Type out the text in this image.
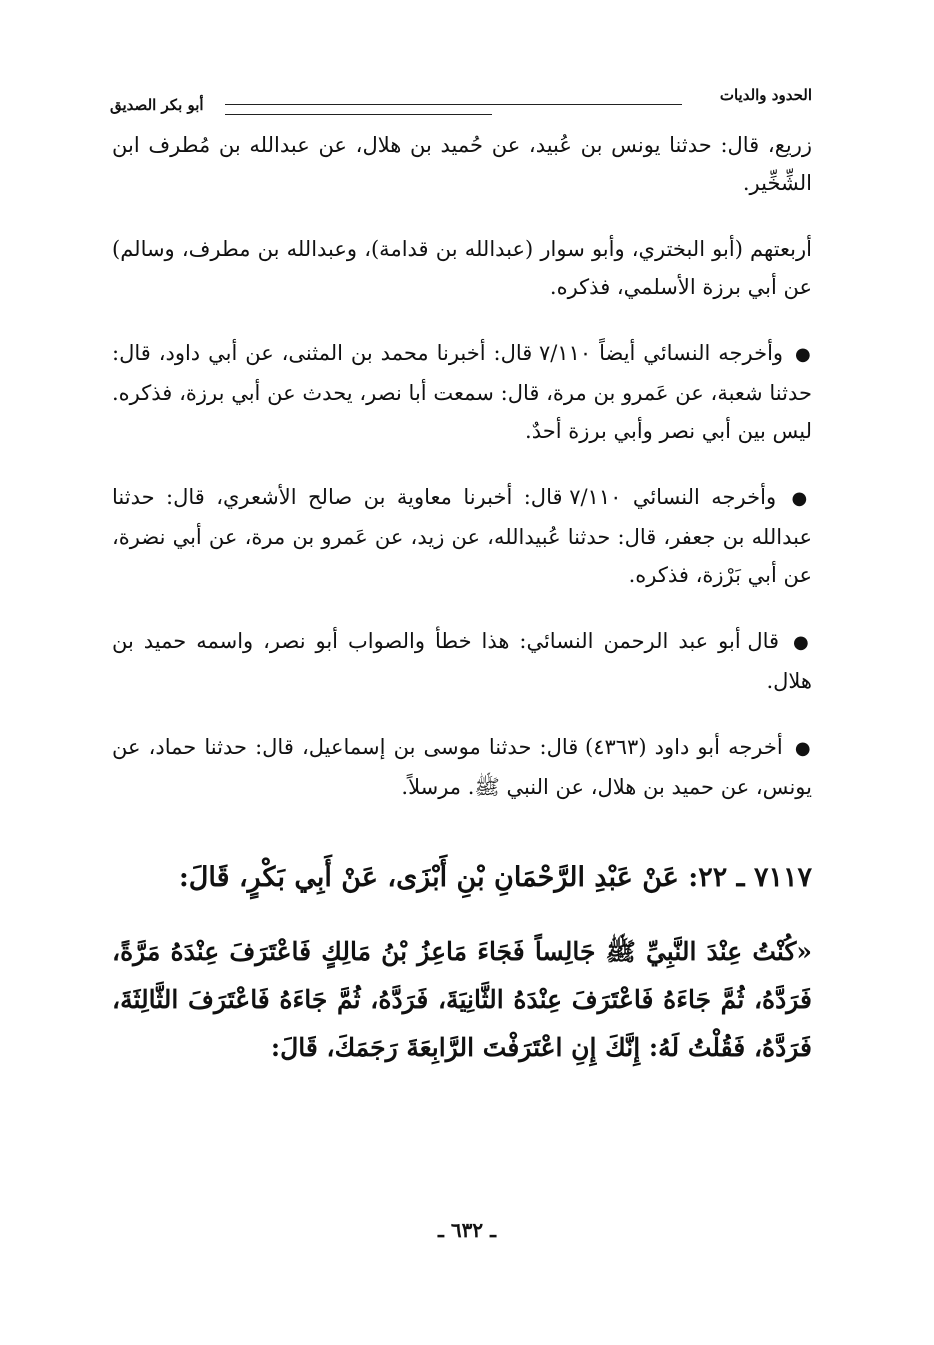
الحدود والديات
أبو بكر الصديق

زريع، قال: حدثنا يونس بن عُبيد، عن حُميد بن هلال، عن عبدالله بن مُطرف ابن الشِّخِّير.

أربعتهم (أبو البختري، وأبو سوار (عبدالله بن قدامة)، وعبدالله بن مطرف، وسالم) عن أبي برزة الأسلمي، فذكره.

● وأخرجه النسائي أيضاً ٧/١١٠ قال: أخبرنا محمد بن المثنى، عن أبي داود، قال: حدثنا شعبة، عن عَمرو بن مرة، قال: سمعت أبا نصر، يحدث عن أبي برزة، فذكره. ليس بين أبي نصر وأبي برزة أحدٌ.

● وأخرجه النسائي ٧/١١٠ قال: أخبرنا معاوية بن صالح الأشعري، قال: حدثنا عبدالله بن جعفر، قال: حدثنا عُبيدالله، عن زيد، عن عَمرو بن مرة، عن أبي نضرة، عن أبي بَرْزة، فذكره.

● قال أبو عبد الرحمن النسائي: هذا خطأ والصواب أبو نصر، واسمه حميد بن هلال.

● أخرجه أبو داود (٤٣٦٣) قال: حدثنا موسى بن إسماعيل، قال: حدثنا حماد، عن يونس، عن حميد بن هلال، عن النبي ﷺ. مرسلاً.

٧١١٧ ـ ٢٢: عَنْ عَبْدِ الرَّحْمَانِ بْنِ أَبْزَى، عَنْ أَبِي بَكْرٍ، قَالَ:

«كُنْتُ عِنْدَ النَّبِيِّ ﷺ جَالِساً فَجَاءَ مَاعِزُ بْنُ مَالِكٍ فَاعْتَرَفَ عِنْدَهُ مَرَّةً، فَرَدَّهُ، ثُمَّ جَاءَهُ فَاعْتَرَفَ عِنْدَهُ الثَّانِيَةَ، فَرَدَّهُ، ثُمَّ جَاءَهُ فَاعْتَرَفَ الثَّالِثَةَ، فَرَدَّهُ، فَقُلْتُ لَهُ: إِنَّكَ إِنِ اعْتَرَفْتَ الرَّابِعَةَ رَجَمَكَ، قَالَ:

ـ ٦٣٢ ـ
